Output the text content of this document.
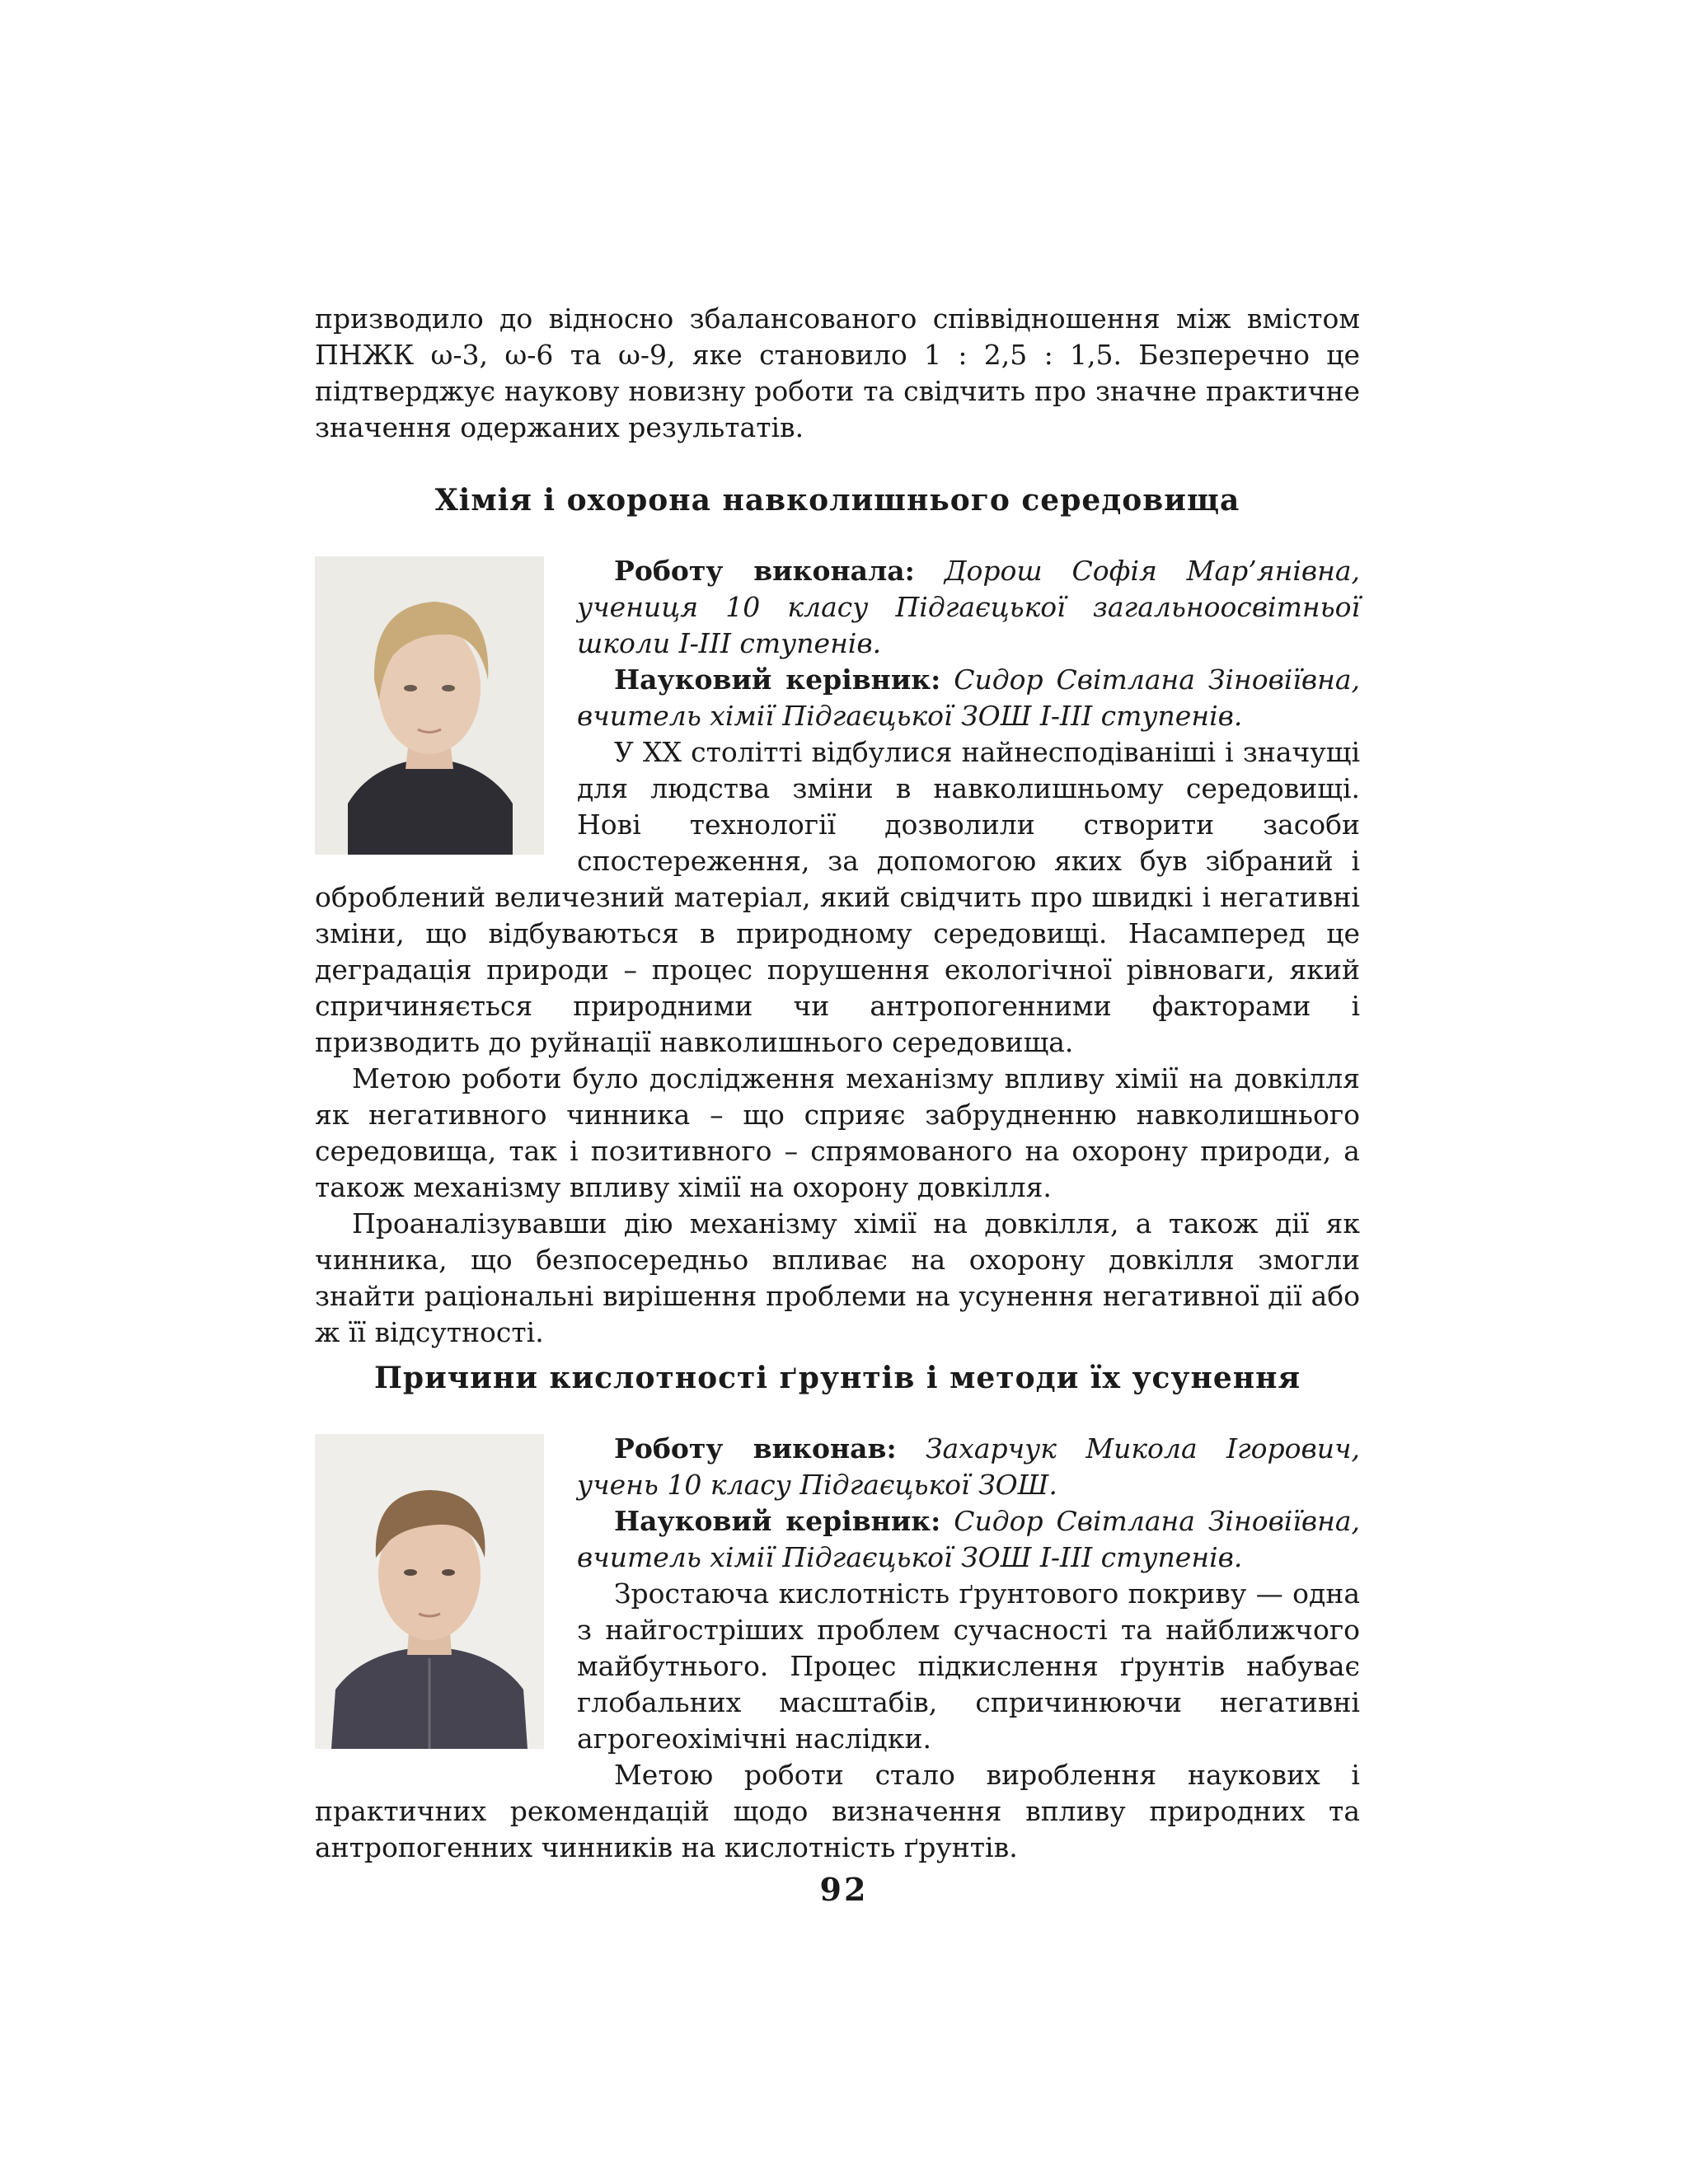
призводило до відносно збалансованого співвідношення між вмістом ПНЖК ω-3, ω-6 та ω-9, яке становило 1 : 2,5 : 1,5. Безперечно це підтверджує наукову новизну роботи та свідчить про значне практичне значення одержаних результатів.

Хімія і охорона навколишнього середовища

Роботу виконала: Дорош Софія Мар’янівна, учениця 10 класу Підгаєцької загальноосвітньої школи І-ІІІ ступенів.

Науковий керівник: Сидор Світлана Зіновіївна, вчитель хімії Підгаєцької ЗОШ І-ІІІ ступенів.

У ХХ столітті відбулися найнесподіваніші і значущі для людства зміни в навколишньому середовищі. Нові технології дозволили створити засоби спостереження, за допомогою яких був зібраний і оброблений величезний матеріал, який свідчить про швидкі і негативні зміни, що відбуваються в природному середовищі. Насамперед це деградація природи – процес порушення екологічної рівноваги, який спричиняється природними чи антропогенними факторами і призводить до руйнації навколишнього середовища.

Метою роботи було дослідження механізму впливу хімії на довкілля як негативного чинника – що сприяє забрудненню навколишнього середовища, так і позитивного – спрямованого на охорону природи, а також механізму впливу хімії на охорону довкілля.

Проаналізувавши дію механізму хімії на довкілля, а також дії як чинника, що безпосередньо впливає на охорону довкілля змогли знайти раціональні вирішення проблеми на усунення негативної дії або ж її відсутності.

Причини кислотності ґрунтів і методи їх усунення

Роботу виконав: Захарчук Микола Ігорович, учень 10 класу Підгаєцької ЗОШ.

Науковий керівник: Сидор Світлана Зіновіївна, вчитель хімії Підгаєцької ЗОШ І-ІІІ ступенів.

Зростаюча кислотність ґрунтового покриву — одна з найгостріших проблем сучасності та найближчого майбутнього. Процес підкислення ґрунтів набуває глобальних масштабів, спричинюючи негативні агрогеохімічні наслідки.

Метою роботи стало вироблення наукових і практичних рекомендацій щодо визначення впливу природних та антропогенних чинників на кислотність ґрунтів.

92
